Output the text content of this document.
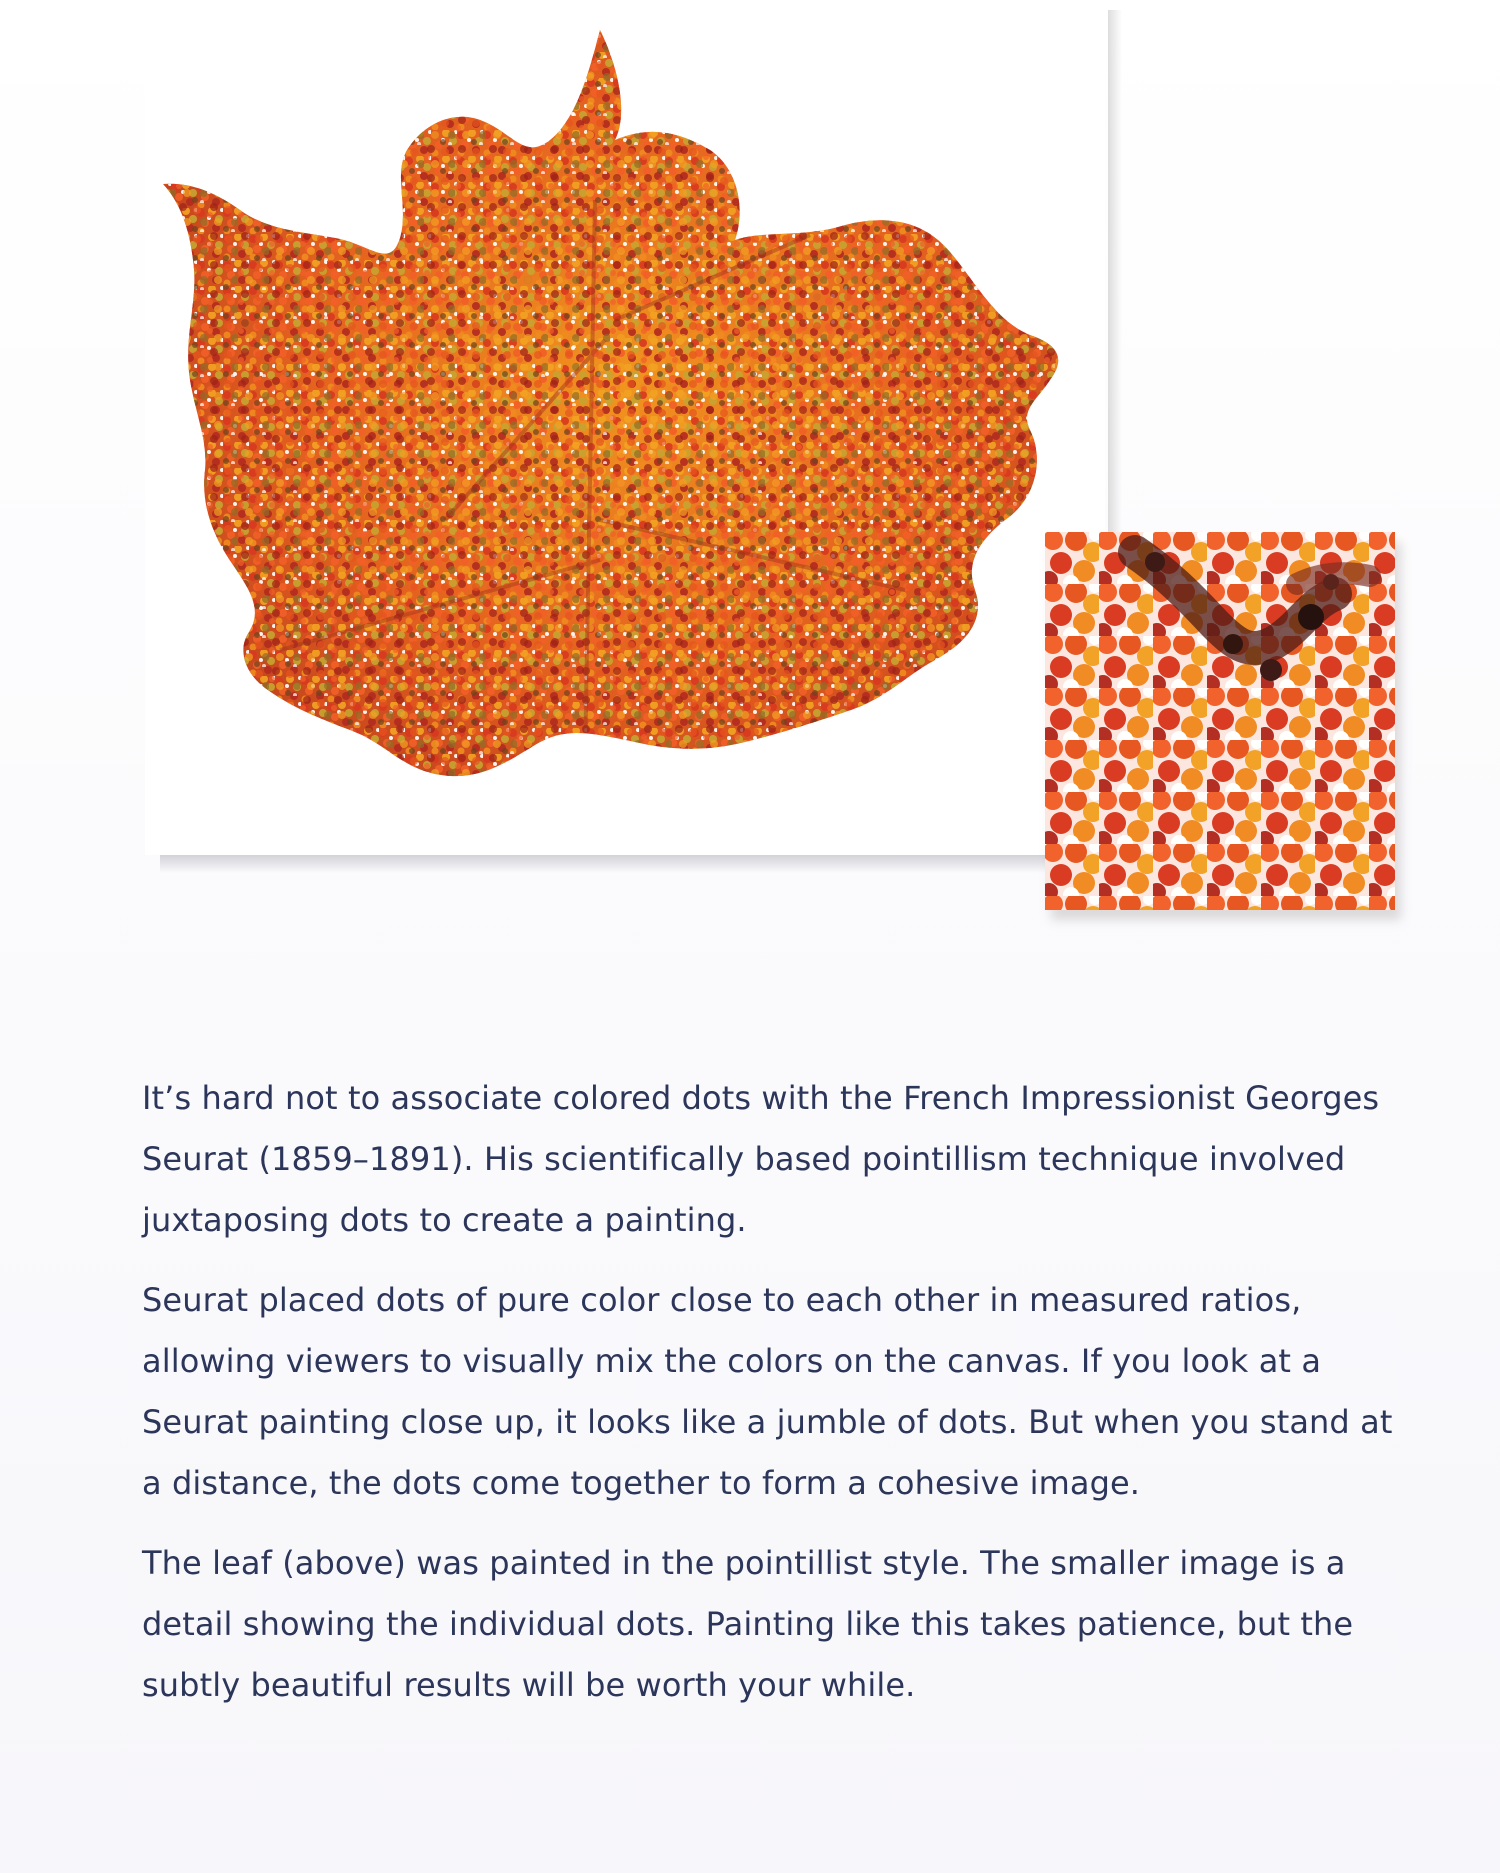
It’s hard not to associate colored dots with the French Impressionist Georges Seurat (1859–1891). His scientifically based pointillism technique involved juxtaposing dots to create a painting.

Seurat placed dots of pure color close to each other in measured ratios, allowing viewers to visually mix the colors on the canvas. If you look at a Seurat painting close up, it looks like a jumble of dots. But when you stand at a distance, the dots come together to form a cohesive image.

The leaf (above) was painted in the pointillist style. The smaller image is a detail showing the individual dots. Painting like this takes patience, but the subtly beautiful results will be worth your while.
